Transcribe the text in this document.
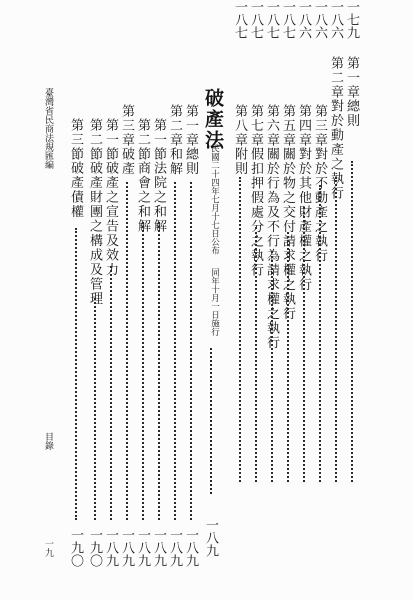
臺灣省民商法規匯編
目錄
一九
第一章
總則
一七九
第二章
對於動產之執行
一八六
第三章
對於不動產之執行
一八六
第四章
對於其他財產權之執行
一八六
第五章
關於物之交付請求權之執行
一八七
第六章
關於行為及不行為請求權之執行
一八七
第七章
假扣押假處分之執行
一八七
第八章
附則
一八七
破產法
民國二十四年七月十七日公布
同年十月一日施行
一八九
第一章
總則
一八九
第二章
和解
一八九
第一節
法院之和解
一八九
第二節
商會之和解
一八九
第三章
破產
一八九
第一節
破產之宣告及效力
一八九
第二節
破產財團之構成及管理
一九〇
第三節
破產債權
一九〇
